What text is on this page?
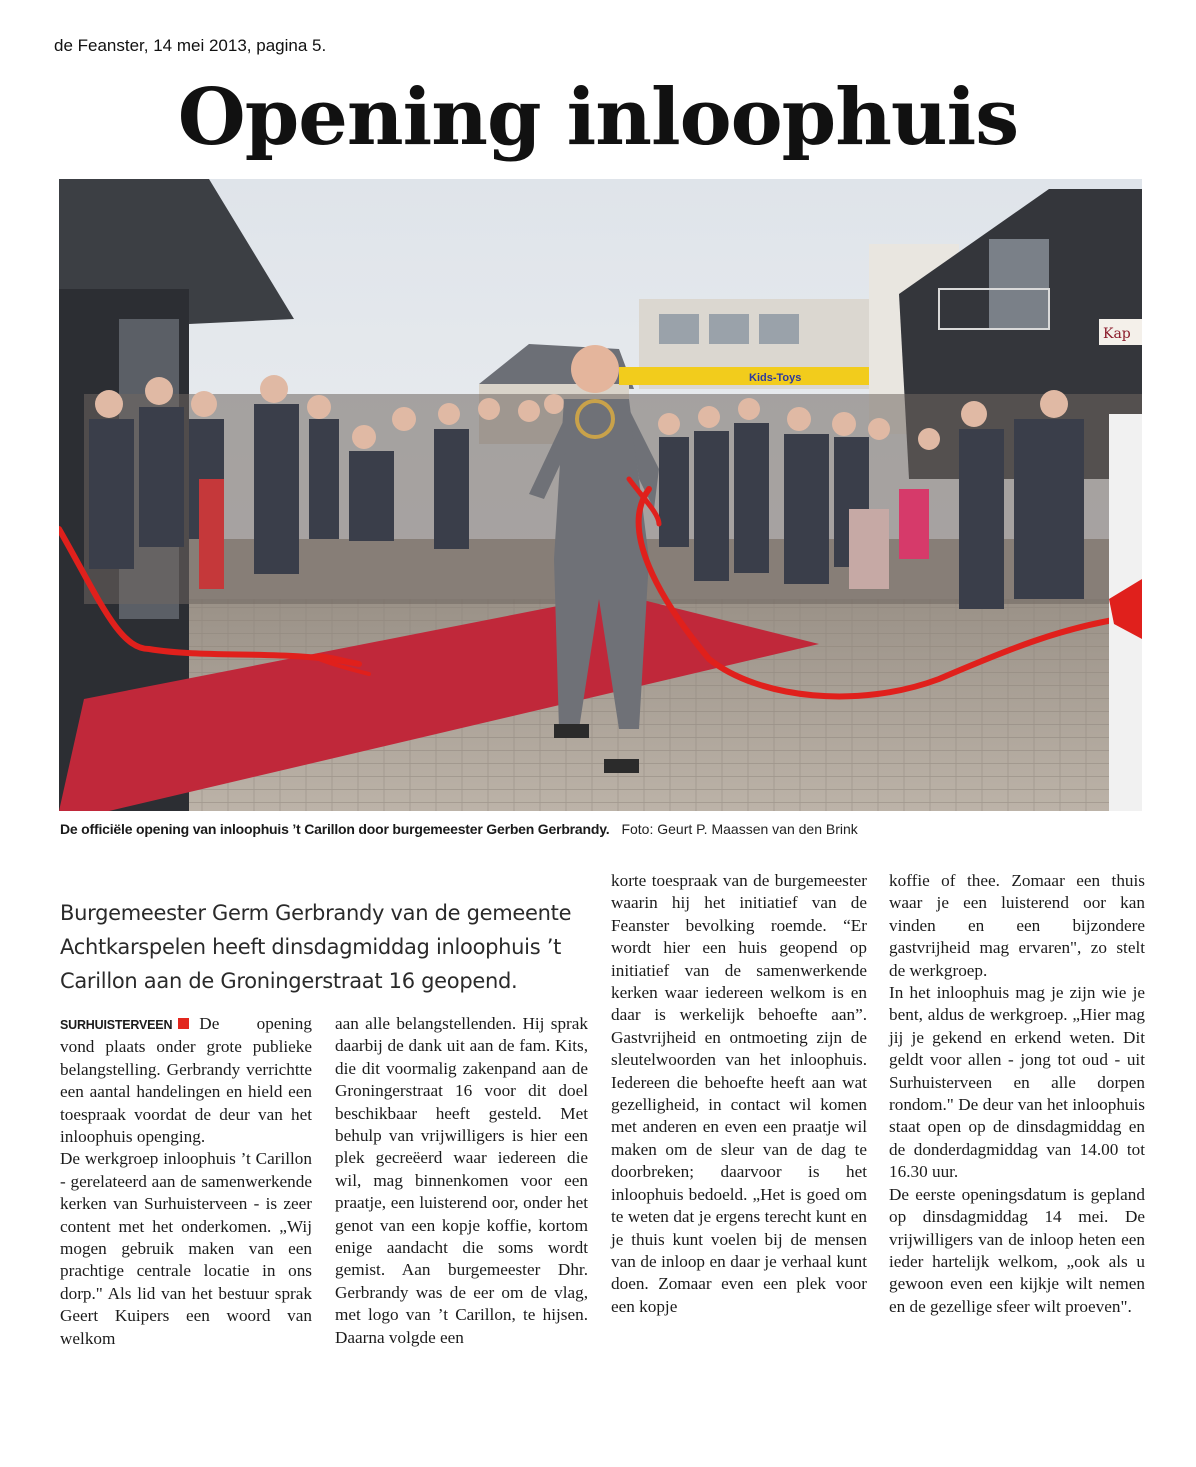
de Feanster, 14 mei 2013, pagina 5.
Opening inloophuis
Kids-Toys
Kap
De officiële opening van inloophuis ’t Carillon door burgemeester Gerben Gerbrandy. Foto: Geurt P. Maassen van den Brink
Burgemeester Germ Gerbrandy van de gemeente Achtkarspelen heeft dinsdagmiddag inloophuis ’t Carillon aan de Groningerstraat 16 geopend.

SURHUISTERVEEN De opening vond plaats onder grote publieke belangstelling. Gerbrandy verrichtte een aantal handelingen en hield een toespraak voordat de deur van het inloophuis openging.

De werkgroep inloophuis ’t Carillon - gerelateerd aan de samenwerkende kerken van Surhuisterveen - is zeer content met het onderkomen. „Wij mogen gebruik maken van een prachtige centrale locatie in ons dorp." Als lid van het bestuur sprak Geert Kuipers een woord van welkom

aan alle belangstellenden. Hij sprak daarbij de dank uit aan de fam. Kits, die dit voormalig zakenpand aan de Groningerstraat 16 voor dit doel beschikbaar heeft gesteld. Met behulp van vrijwilligers is hier een plek gecreëerd waar iedereen die wil, mag binnenkomen voor een praatje, een luisterend oor, onder het genot van een kopje koffie, kortom enige aandacht die soms wordt gemist. Aan burgemeester Dhr. Gerbrandy was de eer om de vlag, met logo van ’t Carillon, te hijsen. Daarna volgde een

korte toespraak van de burgemeester waarin hij het initiatief van de Feanster bevolking roemde. “Er wordt hier een huis geopend op initiatief van de samenwerkende kerken waar iedereen welkom is en daar is werkelijk behoefte aan”. Gastvrijheid en ontmoeting zijn de sleutelwoorden van het inloophuis. Iedereen die behoefte heeft aan wat gezelligheid, in contact wil komen met anderen en even een praatje wil maken om de sleur van de dag te doorbreken; daarvoor is het inloophuis bedoeld. „Het is goed om te weten dat je ergens terecht kunt en je thuis kunt voelen bij de mensen van de inloop en daar je verhaal kunt doen. Zomaar even een plek voor een kopje

koffie of thee. Zomaar een thuis waar je een luisterend oor kan vinden en een bijzondere gastvrijheid mag ervaren", zo stelt de werkgroep.

In het inloophuis mag je zijn wie je bent, aldus de werkgroep. „Hier mag jij je gekend en erkend weten. Dit geldt voor allen - jong tot oud - uit Surhuisterveen en alle dorpen rondom." De deur van het inloophuis staat open op de dinsdagmiddag en de donderdagmiddag van 14.00 tot 16.30 uur.

De eerste openingsdatum is gepland op dinsdagmiddag 14 mei. De vrijwilligers van de inloop heten een ieder hartelijk welkom, „ook als u gewoon even een kijkje wilt nemen en de gezellige sfeer wilt proeven".
